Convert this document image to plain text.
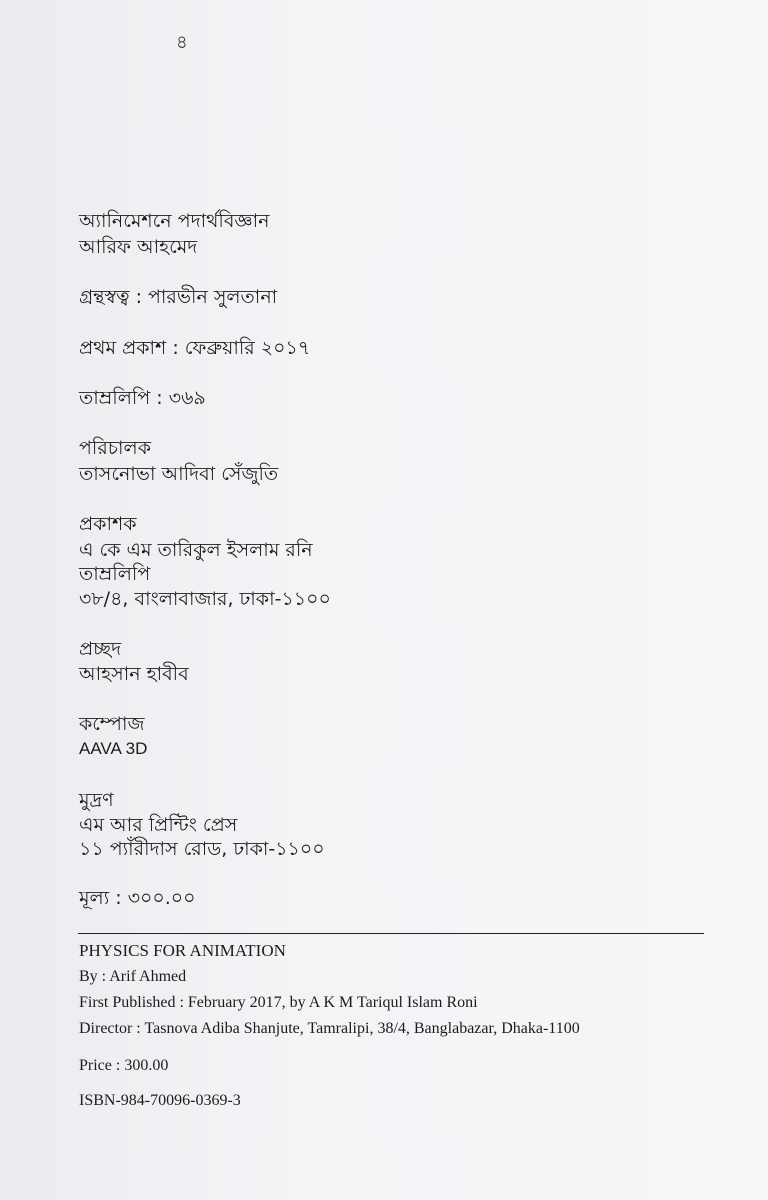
৪
অ্যানিমেশনে পদার্থবিজ্ঞান
আরিফ আহমেদ
গ্রন্থস্বত্ব : পারভীন সুলতানা
প্রথম প্রকাশ : ফেব্রুয়ারি ২০১৭
তাম্রলিপি : ৩৬৯
পরিচালক
তাসনোভা আদিবা সেঁজুতি
প্রকাশক
এ কে এম তারিকুল ইসলাম রনি
তাম্রলিপি
৩৮/৪, বাংলাবাজার, ঢাকা-১১০০
প্রচ্ছদ
আহসান হাবীব
কম্পোজ
AAVA 3D
মুদ্রণ
এম আর প্রিন্টিং প্রেস
১১ প্যাঁরীদাস রোড, ঢাকা-১১০০
মূল্য : ৩০০.০০
PHYSICS FOR ANIMATION
By : Arif Ahmed
First Published : February 2017, by A K M Tariqul Islam Roni
Director : Tasnova Adiba Shanjute, Tamralipi, 38/4, Banglabazar, Dhaka-1100
Price : 300.00
ISBN-984-70096-0369-3
